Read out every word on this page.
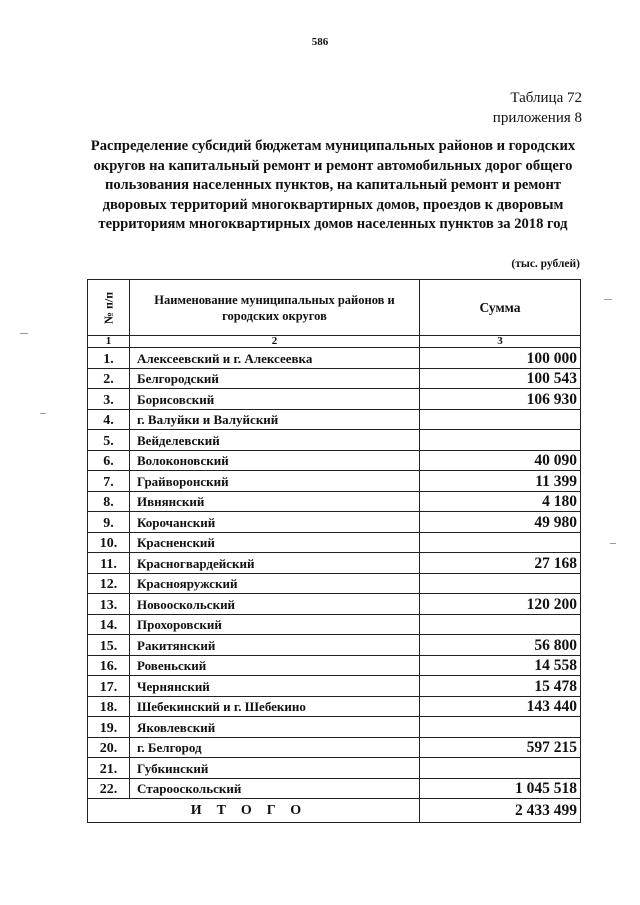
586
Таблица 72
приложения 8

Распределение субсидий бюджетам муниципальных районов и городских округов на капитальный ремонт и ремонт автомобильных дорог общего пользования населенных пунктов, на капитальный ремонт и ремонт дворовых территорий многоквартирных домов, проездов к дворовым территориям многоквартирных домов населенных пунктов за 2018 год

(тыс. рублей)
№ п/п	Наименование муниципальных районов и городских округов	Сумма
1	2	3
1.	Алексеевский и г. Алексеевка	100 000
2.	Белгородский	100 543
3.	Борисовский	106 930
4.	г. Валуйки и Валуйский	
5.	Вейделевский	
6.	Волоконовский	40 090
7.	Грайворонский	11 399
8.	Ивнянский	4 180
9.	Корочанский	49 980
10.	Красненский	
11.	Красногвардейский	27 168
12.	Краснояружский	
13.	Новооскольский	120 200
14.	Прохоровский	
15.	Ракитянский	56 800
16.	Ровеньский	14 558
17.	Чернянский	15 478
18.	Шебекинский и г. Шебекино	143 440
19.	Яковлевский	
20.	г. Белгород	597 215
21.	Губкинский	
22.	Старооскольский	1 045 518
ИТОГО		2 433 499
